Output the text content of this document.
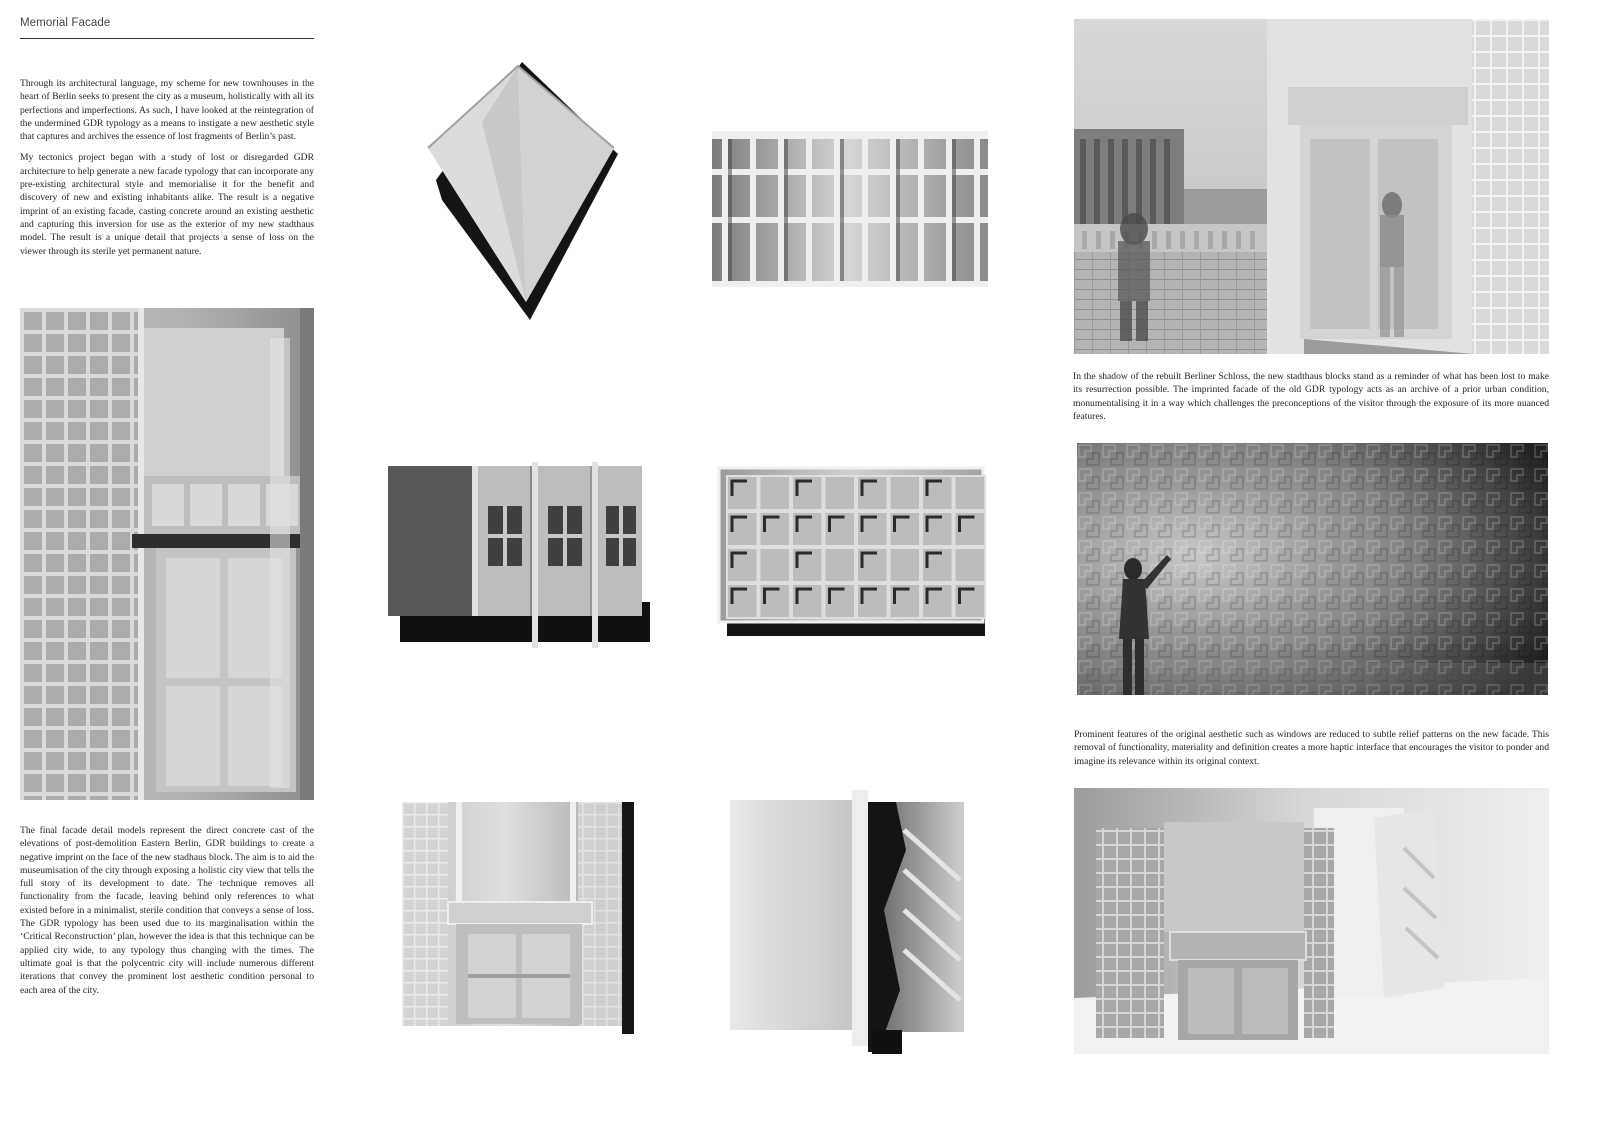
Memorial Facade

Through its architectural language, my scheme for new townhouses in the heart of Berlin seeks to present the city as a museum, holistically with all its perfections and imperfections. As such, I have looked at the reintegration of the undermined GDR typology as a means to instigate a new aesthetic style that captures and archives the essence of lost fragments of Berlin’s past.

My tectonics project began with a study of lost or disregarded GDR architecture to help generate a new facade typology that can incorporate any pre-existing architectural style and memorialise it for the benefit and discovery of new and existing inhabitants alike. The result is a negative imprint of an existing facade, casting concrete around an existing aesthetic and capturing this inversion for use as the exterior of my new stadthaus model. The result is a unique detail that projects a sense of loss on the viewer through its sterile yet permanent nature.

The final facade detail models represent the direct concrete cast of the elevations of post-demolition Eastern Berlin, GDR buildings to create a negative imprint on the face of the new stadhaus block. The aim is to aid the museumisation of the city through exposing a holistic city view that tells the full story of its development to date. The technique removes all functionality from the facade, leaving behind only references to what existed before in a minimalist, sterile condition that conveys a sense of loss. The GDR typology has been used due to its marginalisation within the ‘Critical Reconstruction’ plan, however the idea is that this technique can be applied city wide, to any typology thus changing with the times. The ultimate goal is that the polycentric city will include numerous different iterations that convey the prominent lost aesthetic condition personal to each area of the city.
In the shadow of the rebuilt Berliner Schloss, the new stadthaus blocks stand as a reminder of what has been lost to make its resurrection possible. The imprinted facade of the old GDR typology acts as an archive of a prior urban condition, monumentalising it in a way which challenges the preconceptions of the visitor through the exposure of its more nuanced features.
Prominent features of the original aesthetic such as windows are reduced to subtle relief patterns on the new facade. This removal of functionality, materiality and definition creates a more haptic interface that encourages the visitor to ponder and imagine its relevance within its original context.
